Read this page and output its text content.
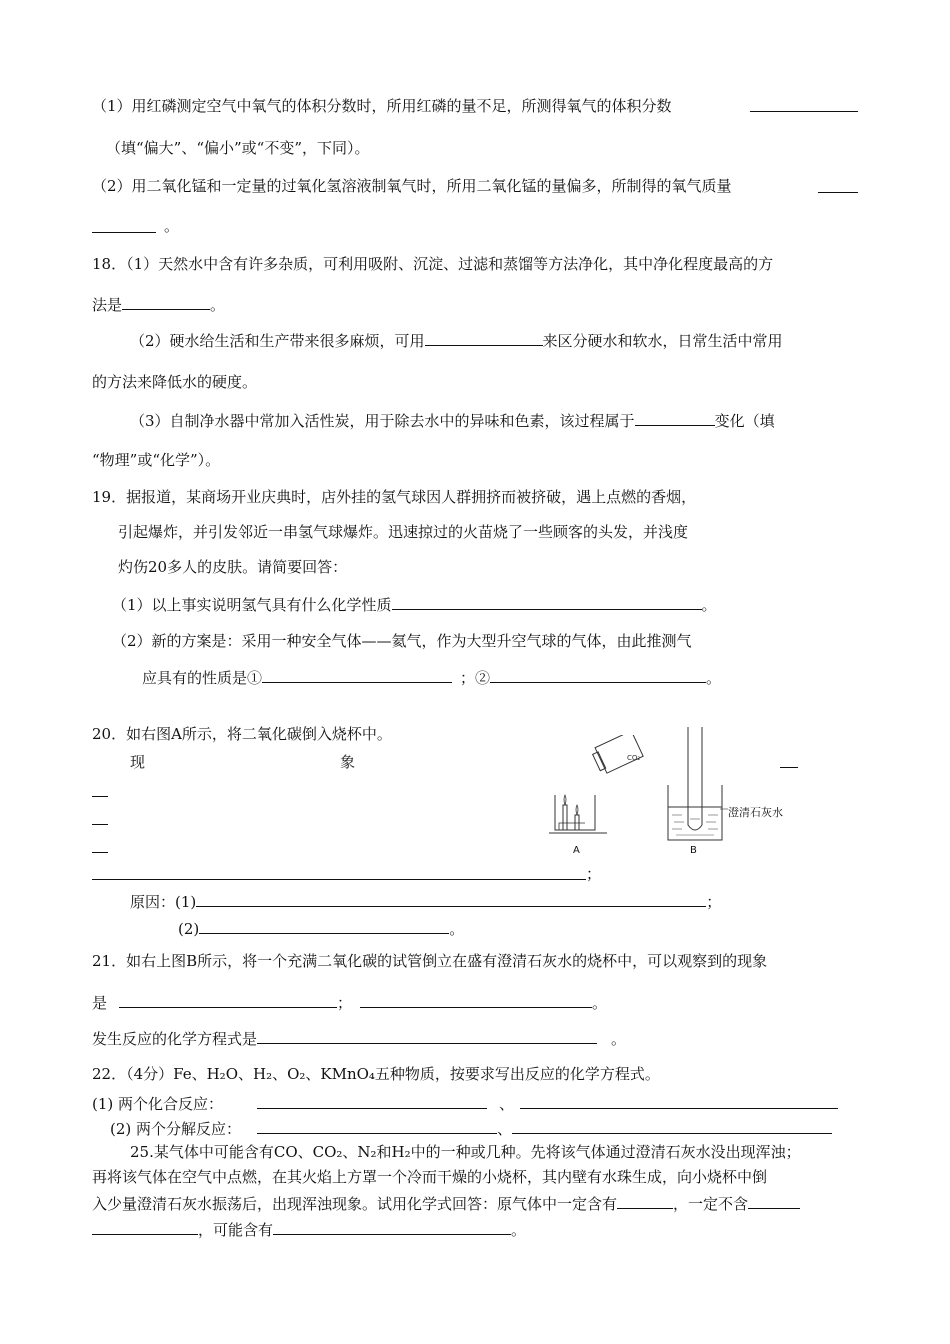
（1）用红磷测定空气中氧气的体积分数时，所用红磷的量不足，所测得氧气的体积分数
（填“偏大”、“偏小”或“不变”，下同）。
（2）用二氧化锰和一定量的过氧化氢溶液制氧气时，所用二氧化锰的量偏多，所制得的氧气质量
。
18．（1）天然水中含有许多杂质，可利用吸附、沉淀、过滤和蒸馏等方法净化，其中净化程度最高的方
法是	。
（2）硬水给生活和生产带来很多麻烦，可用	来区分硬水和软水，日常生活中常用
的方法来降低水的硬度。
（3）自制净水器中常加入活性炭，用于除去水中的异味和色素，该过程属于	变化（填
“物理”或“化学”）。
19．据报道，某商场开业庆典时，店外挂的氢气球因人群拥挤而被挤破，遇上点燃的香烟，
引起爆炸，并引发邻近一串氢气球爆炸。迅速掠过的火苗烧了一些顾客的头发，并浅度
灼伤20多人的皮肤。请简要回答：
（1）以上事实说明氢气具有什么化学性质	。
（2）新的方案是：采用一种安全气体——氦气，作为大型升空气球的气体，由此推测气
应具有的性质是①	；②	。
20．如右图A所示，将二氧化碳倒入烧杯中。
现	象
；
CO₂
A
澄清石灰水
B
原因：(1)	；
(2)	。
21．如右上图B所示，将一个充满二氧化碳的试管倒立在盛有澄清石灰水的烧杯中，可以观察到的现象
是	；	。
发生反应的化学方程式是	。
22．（4分）Fe、H₂O、H₂、O₂、KMnO₄五种物质，按要求写出反应的化学方程式。
(1) 两个化合反应：	、
(2) 两个分解反应：	、
25.某气体中可能含有CO、CO₂、N₂和H₂中的一种或几种。先将该气体通过澄清石灰水没出现浑浊；
再将该气体在空气中点燃，在其火焰上方罩一个冷而干燥的小烧杯，其内壁有水珠生成，向小烧杯中倒
入少量澄清石灰水振荡后，出现浑浊现象。试用化学式回答：原气体中一定含有	，一定不含
，可能含有	。
